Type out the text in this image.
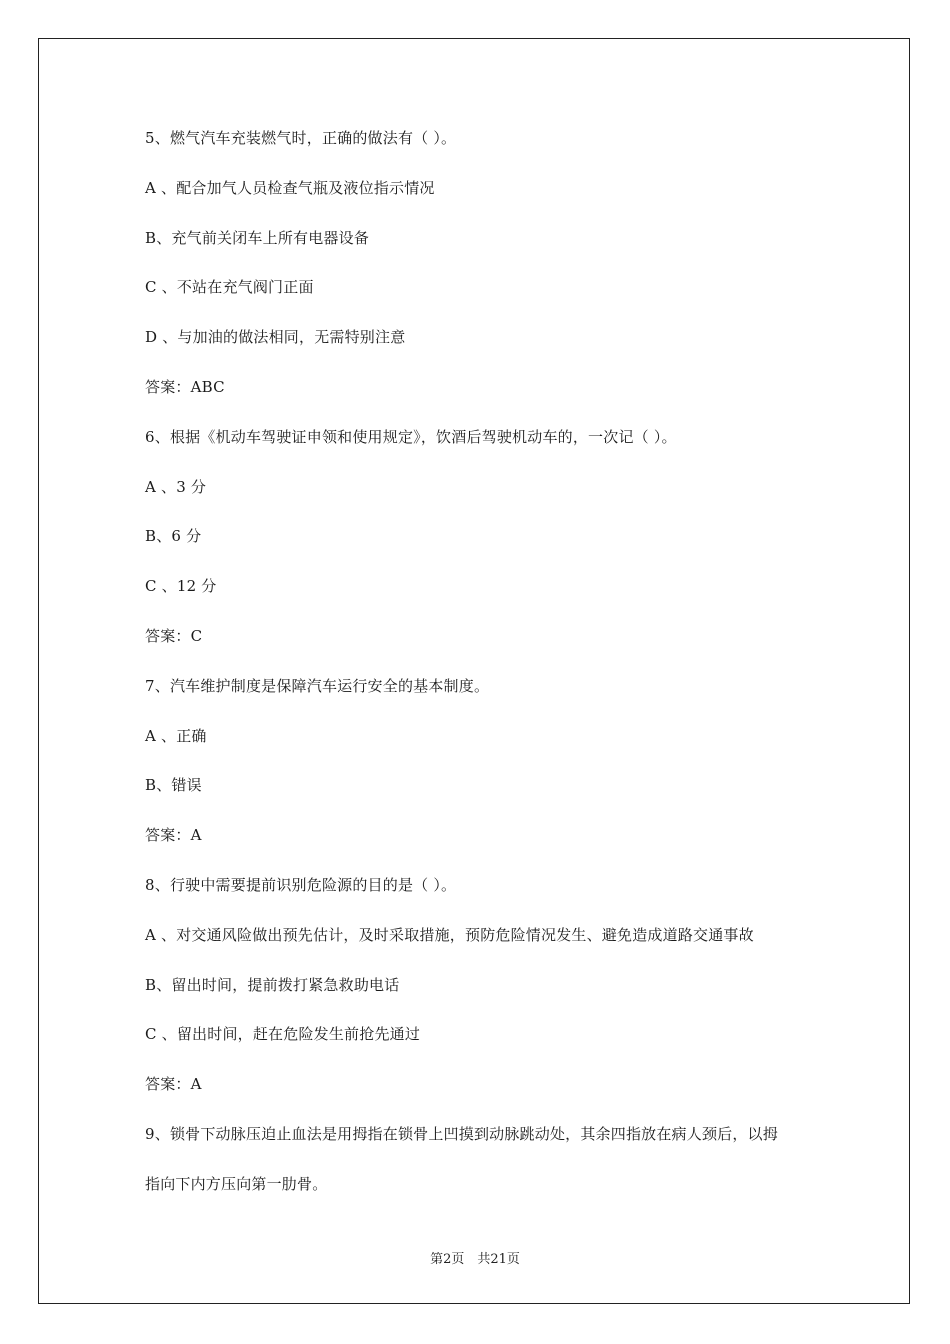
5、燃气汽车充装燃气时，正确的做法有（ ）。
A 、配合加气人员检查气瓶及液位指示情况
B、充气前关闭车上所有电器设备
C 、不站在充气阀门正面
D 、与加油的做法相同，无需特别注意
答案：ABC
6、根据《机动车驾驶证申领和使用规定》，饮酒后驾驶机动车的，一次记（ ）。
A 、3 分
B、6 分
C 、12 分
答案：C
7、汽车维护制度是保障汽车运行安全的基本制度。
A 、正确
B、错误
答案：A
8、行驶中需要提前识别危险源的目的是（ ）。
A 、对交通风险做出预先估计，及时采取措施，预防危险情况发生、避免造成道路交通事故
B、留出时间，提前拨打紧急救助电话
C 、留出时间，赶在危险发生前抢先通过
答案：A
9、锁骨下动脉压迫止血法是用拇指在锁骨上凹摸到动脉跳动处，其余四指放在病人颈后，以拇
指向下内方压向第一肋骨。
第2页　共21页
